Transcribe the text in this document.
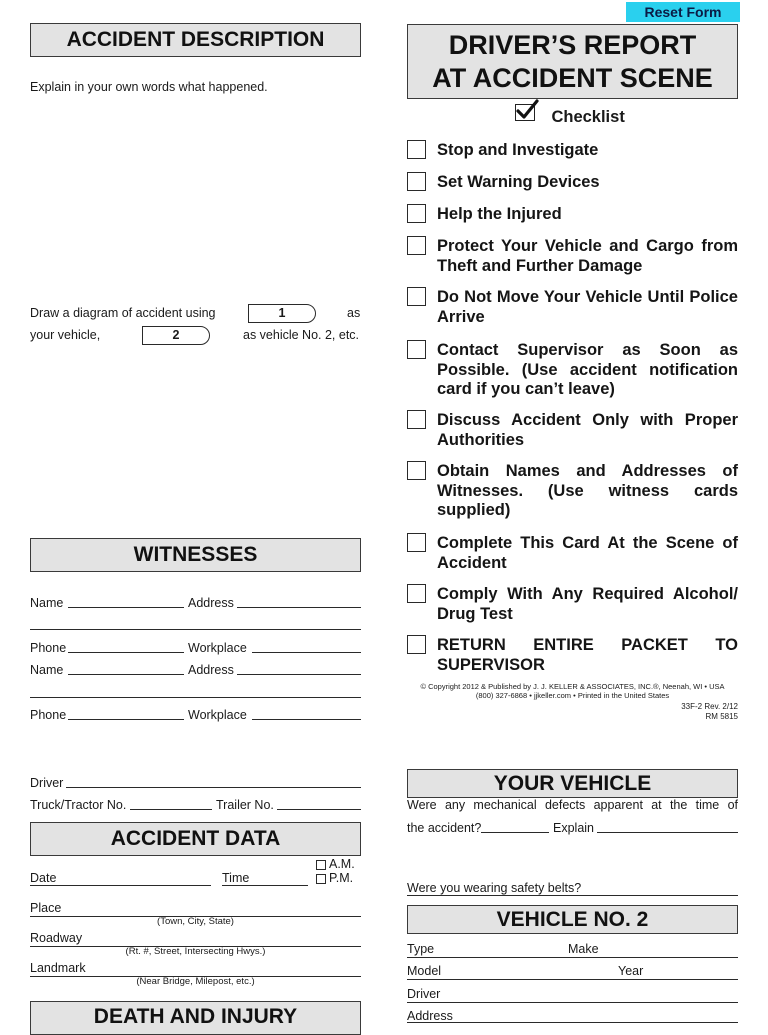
Reset Form
ACCIDENT DESCRIPTION
Explain in your own words what happened.
Draw a diagram of accident using	1	as
your vehicle,	2	as vehicle No. 2, etc.
WITNESSES
Name	Address
Phone	Workplace
Name	Address
Phone	Workplace
Driver
Truck/Tractor No.	Trailer No.
ACCIDENT DATA
Date	Time
A.M.
P.M.
Place
(Town, City, State)
Roadway
(Rt. #, Street, Intersecting Hwys.)
Landmark
(Near Bridge, Milepost, etc.)
DEATH AND INJURY
DRIVER’S REPORT
AT ACCIDENT SCENE
Checklist
Stop and Investigate
Set Warning Devices
Help the Injured
Protect Your Vehicle and Cargo from Theft and Further Damage
Do Not Move Your Vehicle Until Police Arrive
Contact Supervisor as Soon as Possible. (Use accident notification card if you can’t leave)
Discuss Accident Only with Proper Authorities
Obtain Names and Addresses of Witnesses. (Use witness cards supplied)
Complete This Card At the Scene of Accident
Comply With Any Required Alcohol/ Drug Test
RETURN ENTIRE PACKET TO SUPERVISOR
© Copyright 2012 & Published by J. J. KELLER & ASSOCIATES, INC.®, Neenah, WI • USA
(800) 327-6868 • jjkeller.com • Printed in the United States
33F-2 Rev. 2/12
RM 5815
YOUR VEHICLE
Were any mechanical defects apparent at the time of
the accident?	Explain
Were you wearing safety belts?
VEHICLE NO. 2
Type	Make
Model	Year
Driver
Address
